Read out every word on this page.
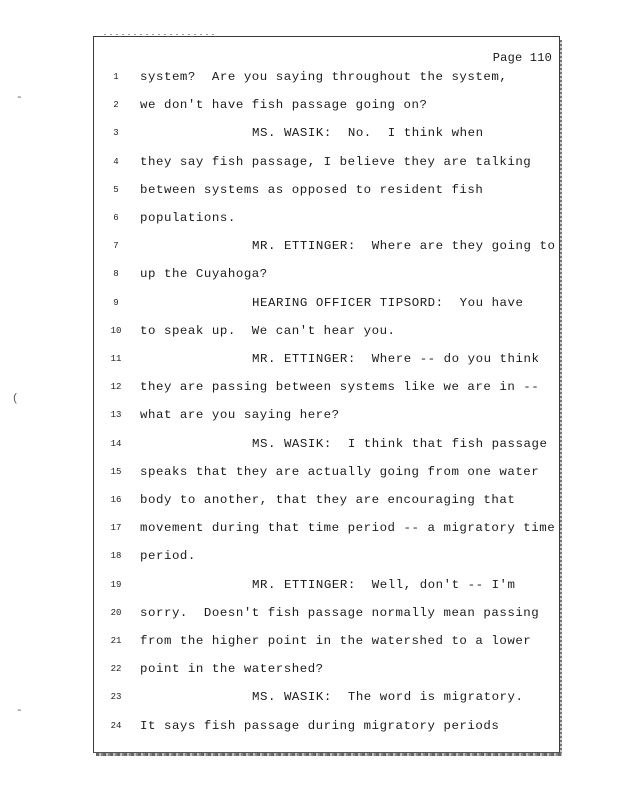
Page 110
-
(
-
1	system?  Are you saying throughout the system,
2	we don't have fish passage going on?
3	MS. WASIK:  No.  I think when
4	they say fish passage, I believe they are talking
5	between systems as opposed to resident fish
6	populations.
7	MR. ETTINGER:  Where are they going to
8	up the Cuyahoga?
9	HEARING OFFICER TIPSORD:  You have
10	to speak up.  We can't hear you.
11	MR. ETTINGER:  Where -- do you think
12	they are passing between systems like we are in --
13	what are you saying here?
14	MS. WASIK:  I think that fish passage
15	speaks that they are actually going from one water
16	body to another, that they are encouraging that
17	movement during that time period -- a migratory time
18	period.
19	MR. ETTINGER:  Well, don't -- I'm
20	sorry.  Doesn't fish passage normally mean passing
21	from the higher point in the watershed to a lower
22	point in the watershed?
23	MS. WASIK:  The word is migratory.
24	It says fish passage during migratory periods
